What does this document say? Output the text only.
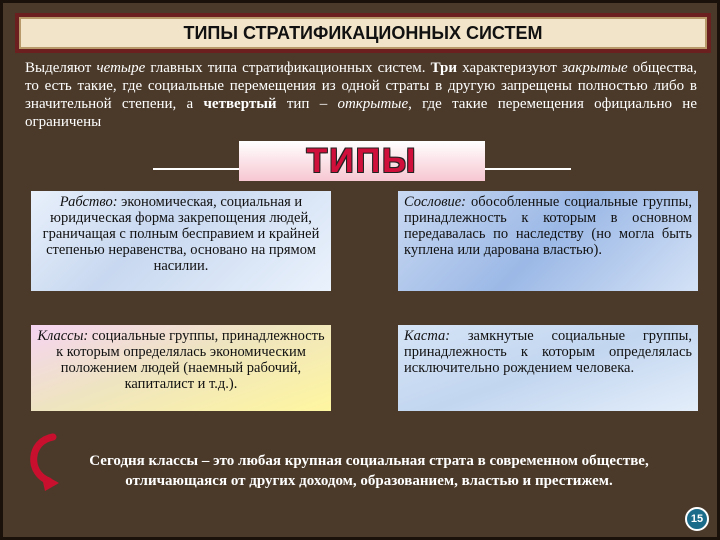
ТИПЫ СТРАТИФИКАЦИОННЫХ СИСТЕМ
Выделяют четыре главных типа стратификационных систем. Три характеризуют закрытые общества, то есть такие, где социальные перемещения из одной страты в другую запрещены полностью либо в значительной степени, а четвертый тип – открытые, где такие перемещения официально не ограничены
ТИПЫ
Рабство: экономическая, социальная и юридическая форма закрепощения людей, граничащая с полным бесправием и крайней степенью неравенства, основано на прямом насилии.
Сословие: обособленные социальные группы, принадлежность к которым в основном передавалась по наследству (но могла быть куплена или дарована властью).
Классы: социальные группы, принадлежность к которым определялась экономическим положением людей (наемный рабочий, капиталист и т.д.).
Каста: замкнутые социальные группы, принадлежность к которым определялась исключительно рождением человека.
Сегодня классы – это любая крупная социальная страта в современном обществе, отличающаяся от других доходом, образованием, властью и престижем.
15
